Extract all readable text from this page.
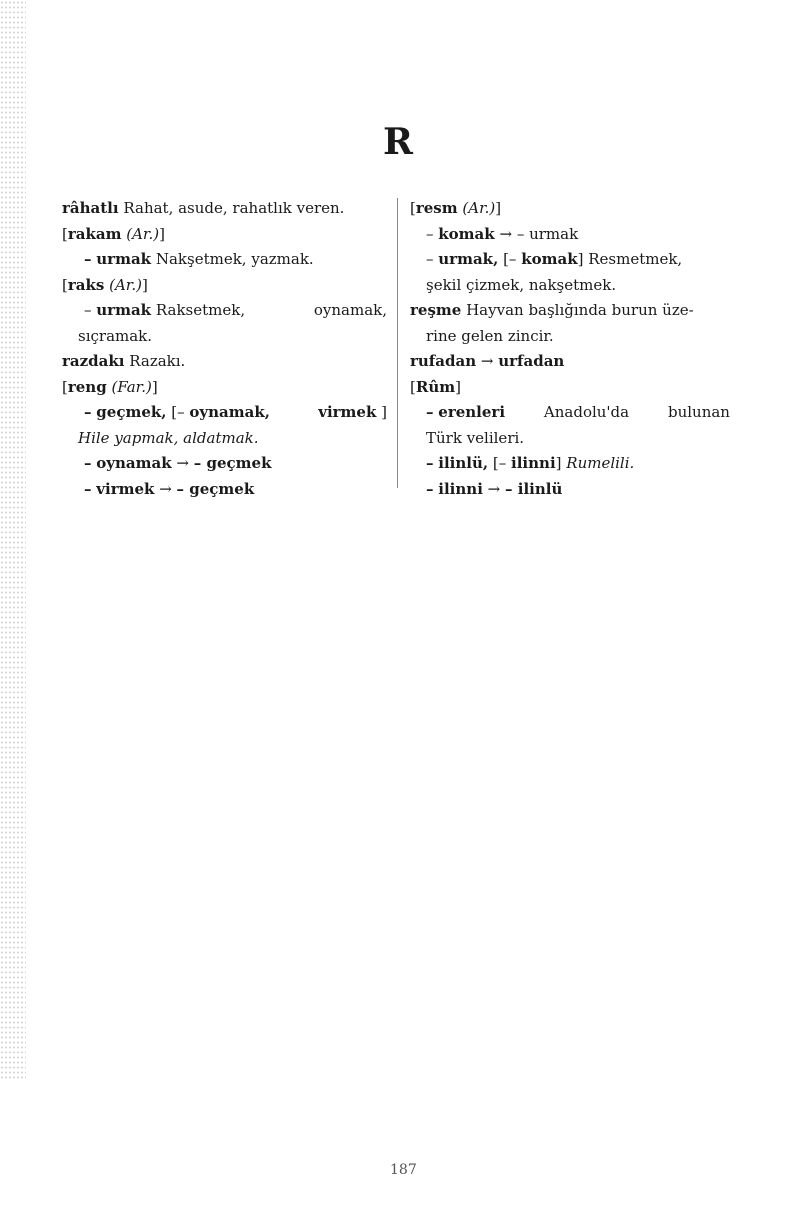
R
râhatlı Rahat, asude, rahatlık veren.
[rakam (Ar.)]
– urmak Nakşetmek, yazmak.
[raks (Ar.)]
– urmak Raksetmek,	oynamak,
sıçramak.
razdakı Razakı.
[reng (Far.)]
– geçmek, [– oynamak,	virmek ]
Hile yapmak, aldatmak.
– oynamak → – geçmek
– virmek → – geçmek
[resm (Ar.)]
– komak → – urmak
– urmak, [– komak] Resmetmek,
şekil çizmek, nakşetmek.
reşme Hayvan başlığında burun üze-
rine gelen zincir.
rufadan → urfadan
[Rûm]
– erenleri	Anadolu'da	bulunan
Türk velileri.
– ilinlü, [– ilinni] Rumelili.
– ilinni → – ilinlü
187
